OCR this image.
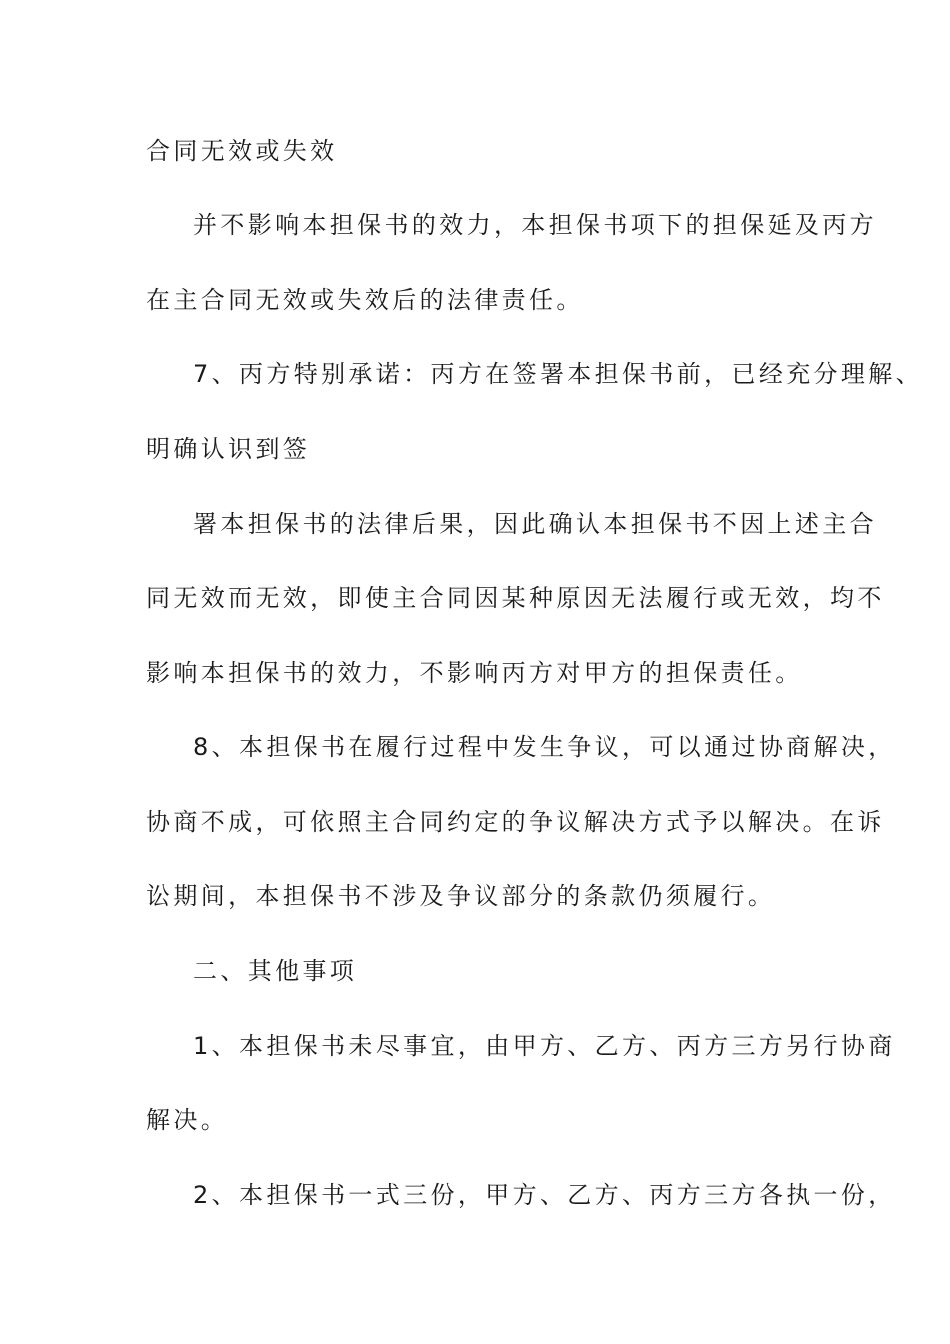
合同无效或失效
并不影响本担保书的效力，本担保书项下的担保延及丙方
在主合同无效或失效后的法律责任。
7、丙方特别承诺：丙方在签署本担保书前，已经充分理解、
明确认识到签
署本担保书的法律后果，因此确认本担保书不因上述主合
同无效而无效，即使主合同因某种原因无法履行或无效，均不
影响本担保书的效力，不影响丙方对甲方的担保责任。
8、本担保书在履行过程中发生争议，可以通过协商解决，
协商不成，可依照主合同约定的争议解决方式予以解决。在诉
讼期间，本担保书不涉及争议部分的条款仍须履行。
二、其他事项
1、本担保书未尽事宜，由甲方、乙方、丙方三方另行协商
解决。
2、本担保书一式三份，甲方、乙方、丙方三方各执一份，
